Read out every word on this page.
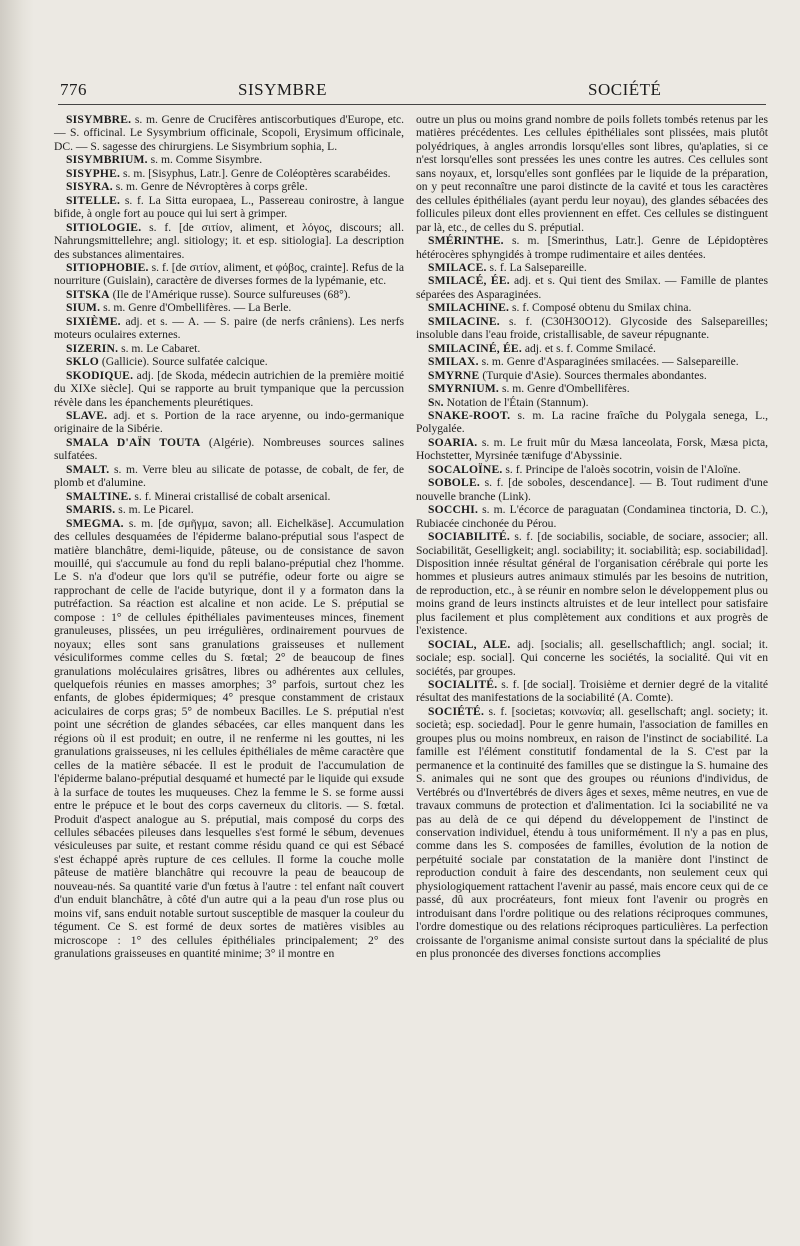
776	SISYMBRE	SOCIÉTÉ

SISYMBRE. s. m. Genre de Crucifères antiscorbutiques d'Europe, etc. — S. officinal. Le Sysymbrium officinale, Scopoli, Erysimum officinale, DC. — S. sagesse des chirurgiens. Le Sisymbrium sophia, L.

SISYMBRIUM. s. m. Comme Sisymbre.

SISYPHE. s. m. [Sisyphus, Latr.]. Genre de Coléoptères scarabéides.

SISYRA. s. m. Genre de Névroptères à corps grêle.

SITELLE. s. f. La Sitta europaea, L., Passereau conirostre, à langue bifide, à ongle fort au pouce qui lui sert à grimper.

SITIOLOGIE. s. f. [de σιτίον, aliment, et λόγος, discours; all. Nahrungsmittellehre; angl. sitiology; it. et esp. sitiologia]. La description des substances alimentaires.

SITIOPHOBIE. s. f. [de σιτίον, aliment, et φόβος, crainte]. Refus de la nourriture (Guislain), caractère de diverses formes de la lypémanie, etc.

SITSKA (Ile de l'Amérique russe). Source sulfureuses (68°).

SIUM. s. m. Genre d'Ombellifères. — La Berle.

SIXIÈME. adj. et s. — A. — S. paire (de nerfs crâniens). Les nerfs moteurs oculaires externes.

SIZERIN. s. m. Le Cabaret.

SKLO (Gallicie). Source sulfatée calcique.

SKODIQUE. adj. [de Skoda, médecin autrichien de la première moitié du XIXe siècle]. Qui se rapporte au bruit tympanique que la percussion révèle dans les épanchements pleurétiques.

SLAVE. adj. et s. Portion de la race aryenne, ou indo-germanique originaire de la Sibérie.

SMALA D'AÏN TOUTA (Algérie). Nombreuses sources salines sulfatées.

SMALT. s. m. Verre bleu au silicate de potasse, de cobalt, de fer, de plomb et d'alumine.

SMALTINE. s. f. Minerai cristallisé de cobalt arsenical.

SMARIS. s. m. Le Picarel.

SMEGMA. s. m. [de σμῆγμα, savon; all. Eichelkäse]. Accumulation des cellules desquamées de l'épiderme balano-préputial sous l'aspect de matière blanchâtre, demi-liquide, pâteuse, ou de consistance de savon mouillé, qui s'accumule au fond du repli balano-préputial chez l'homme. Le S. n'a d'odeur que lors qu'il se putréfie, odeur forte ou aigre se rapprochant de celle de l'acide butyrique, dont il y a formaton dans la putréfaction. Sa réaction est alcaline et non acide. Le S. préputial se compose : 1° de cellules épithéliales pavimenteuses minces, finement granuleuses, plissées, un peu irrégulières, ordinairement pourvues de noyaux; elles sont sans granulations graisseuses et nullement vésiculiformes comme celles du S. fœtal; 2° de beaucoup de fines granulations moléculaires grisâtres, libres ou adhérentes aux cellules, quelquefois réunies en masses amorphes; 3° parfois, surtout chez les enfants, de globes épidermiques; 4° presque constamment de cristaux aciculaires de corps gras; 5° de nombeux Bacilles. Le S. préputial n'est point une sécrétion de glandes sébacées, car elles manquent dans les régions où il est produit; en outre, il ne renferme ni les gouttes, ni les granulations graisseuses, ni les cellules épithéliales de même caractère que celles de la matière sébacée. Il est le produit de l'accumulation de l'épiderme balano-préputial desquamé et humecté par le liquide qui exsude à la surface de toutes les muqueuses. Chez la femme le S. se forme aussi entre le prépuce et le bout des corps caverneux du clitoris. — S. fœtal. Produit d'aspect analogue au S. préputial, mais composé du corps des cellules sébacées pileuses dans lesquelles s'est formé le sébum, devenues vésiculeuses par suite, et restant comme résidu quand ce qui est Sébacé s'est échappé après rupture de ces cellules. Il forme la couche molle pâteuse de matière blanchâtre qui recouvre la peau de beaucoup de nouveau-nés. Sa quantité varie d'un fœtus à l'autre : tel enfant naît couvert d'un enduit blanchâtre, à côté d'un autre qui a la peau d'un rose plus ou moins vif, sans enduit notable surtout susceptible de masquer la couleur du tégument. Ce S. est formé de deux sortes de matières visibles au microscope : 1° des cellules épithéliales principalement; 2° des granulations graisseuses en quantité minime; 3° il montre en

outre un plus ou moins grand nombre de poils follets tombés retenus par les matières précédentes. Les cellules épithéliales sont plissées, mais plutôt polyédriques, à angles arrondis lorsqu'elles sont libres, qu'aplaties, si ce n'est lorsqu'elles sont pressées les unes contre les autres. Ces cellules sont sans noyaux, et, lorsqu'elles sont gonflées par le liquide de la préparation, on y peut reconnaître une paroi distincte de la cavité et tous les caractères des cellules épithéliales (ayant perdu leur noyau), des glandes sébacées des follicules pileux dont elles proviennent en effet. Ces cellules se distinguent par là, etc., de celles du S. préputial.

SMÉRINTHE. s. m. [Smerinthus, Latr.]. Genre de Lépidoptères hétérocères sphyngidés à trompe rudimentaire et ailes dentées.

SMILACE. s. f. La Salsepareille.

SMILACÉ, ÉE. adj. et s. Qui tient des Smilax. — Famille de plantes séparées des Asparaginées.

SMILACHINE. s. f. Composé obtenu du Smilax china.

SMILACINE. s. f. (C30H30O12). Glycoside des Salsepareilles; insoluble dans l'eau froide, cristallisable, de saveur répugnante.

SMILACINÉ, ÉE. adj. et s. f. Comme Smilacé.

SMILAX. s. m. Genre d'Asparaginées smilacées. — Salsepareille.

SMYRNE (Turquie d'Asie). Sources thermales abondantes.

SMYRNIUM. s. m. Genre d'Ombellifères.

Sn. Notation de l'Étain (Stannum).

SNAKE-ROOT. s. m. La racine fraîche du Polygala senega, L., Polygalée.

SOARIA. s. m. Le fruit mûr du Mæsa lanceolata, Forsk, Mæsa picta, Hochstetter, Myrsinée tænifuge d'Abyssinie.

SOCALOÏNE. s. f. Principe de l'aloès socotrin, voisin de l'Aloïne.

SOBOLE. s. f. [de soboles, descendance]. — B. Tout rudiment d'une nouvelle branche (Link).

SOCCHI. s. m. L'écorce de paraguatan (Condaminea tinctoria, D. C.), Rubiacée cinchonée du Pérou.

SOCIABILITÉ. s. f. [de sociabilis, sociable, de sociare, associer; all. Sociabilität, Geselligkeit; angl. sociability; it. sociabilità; esp. sociabilidad]. Disposition innée résultat général de l'organisation cérébrale qui porte les hommes et plusieurs autres animaux stimulés par les besoins de nutrition, de reproduction, etc., à se réunir en nombre selon le développement plus ou moins grand de leurs instincts altruistes et de leur intellect pour satisfaire plus facilement et plus complètement aux conditions et aux progrès de l'existence.

SOCIAL, ALE. adj. [socialis; all. gesellschaftlich; angl. social; it. sociale; esp. social]. Qui concerne les sociétés, la socialité. Qui vit en sociétés, par groupes.

SOCIALITÉ. s. f. [de social]. Troisième et dernier degré de la vitalité résultat des manifestations de la sociabilité (A. Comte).

SOCIÉTÉ. s. f. [societas; κοινωνία; all. gesellschaft; angl. society; it. società; esp. sociedad]. Pour le genre humain, l'association de familles en groupes plus ou moins nombreux, en raison de l'instinct de sociabilité. La famille est l'élément constitutif fondamental de la S. C'est par la permanence et la continuité des familles que se distingue la S. humaine des S. animales qui ne sont que des groupes ou réunions d'individus, de Vertébrés ou d'Invertébrés de divers âges et sexes, même neutres, en vue de travaux communs de protection et d'alimentation. Ici la sociabilité ne va pas au delà de ce qui dépend du développement de l'instinct de conservation individuel, étendu à tous uniformément. Il n'y a pas en plus, comme dans les S. composées de familles, évolution de la notion de perpétuité sociale par constatation de la manière dont l'instinct de reproduction conduit à faire des descendants, non seulement ceux qui physiologiquement rattachent l'avenir au passé, mais encore ceux qui de ce passé, dû aux procréateurs, font mieux font l'avenir ou progrès en introduisant dans l'ordre politique ou des relations réciproques communes, l'ordre domestique ou des relations réciproques particulières. La perfection croissante de l'organisme animal consiste surtout dans la spécialité de plus en plus prononcée des diverses fonctions accomplies
